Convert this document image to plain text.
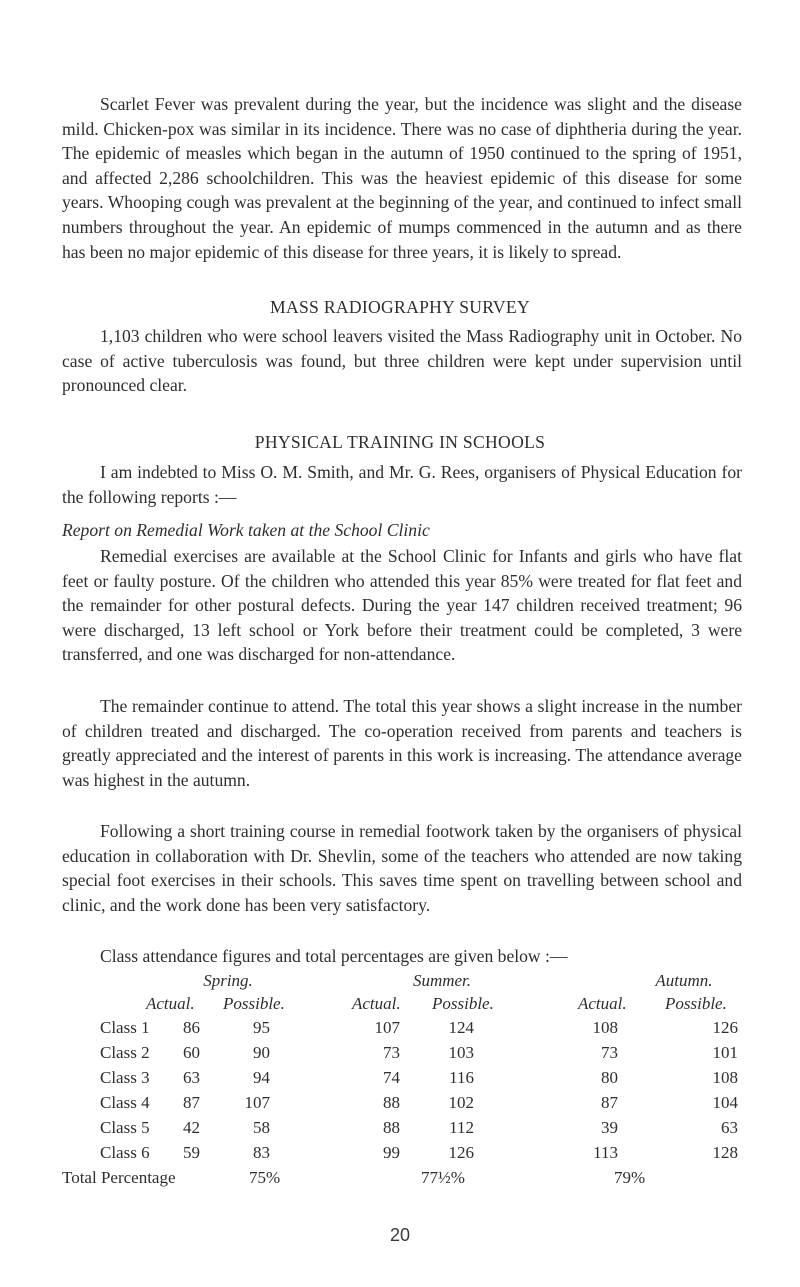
Scarlet Fever was prevalent during the year, but the incidence was slight and the disease mild. Chicken-pox was similar in its incidence. There was no case of diphtheria during the year. The epidemic of measles which began in the autumn of 1950 continued to the spring of 1951, and affected 2,286 schoolchildren. This was the heaviest epidemic of this disease for some years. Whooping cough was prevalent at the beginning of the year, and continued to infect small numbers throughout the year. An epidemic of mumps commenced in the autumn and as there has been no major epidemic of this disease for three years, it is likely to spread.

MASS RADIOGRAPHY SURVEY

1,103 children who were school leavers visited the Mass Radiography unit in October. No case of active tuberculosis was found, but three children were kept under supervision until pronounced clear.

PHYSICAL TRAINING IN SCHOOLS

I am indebted to Miss O. M. Smith, and Mr. G. Rees, organisers of Physical Education for the following reports :—

Report on Remedial Work taken at the School Clinic

Remedial exercises are available at the School Clinic for Infants and girls who have flat feet or faulty posture. Of the children who attended this year 85% were treated for flat feet and the remainder for other postural defects. During the year 147 children received treatment; 96 were discharged, 13 left school or York before their treatment could be completed, 3 were transferred, and one was discharged for non-attendance.

The remainder continue to attend. The total this year shows a slight increase in the number of children treated and discharged. The co-operation received from parents and teachers is greatly appreciated and the interest of parents in this work is increasing. The attendance average was highest in the autumn.

Following a short training course in remedial footwork taken by the organisers of physical education in collaboration with Dr. Shevlin, some of the teachers who attended are now taking special foot exercises in their schools. This saves time spent on travelling between school and clinic, and the work done has been very satisfactory.

Class attendance figures and total percentages are given below :—

Spring.	Summer.	Autumn.
Actual. Possible.	Actual. Possible.	Actual. Possible.
Class 1	86	95	107	124	108	126
Class 2	60	90	73	103	73	101
Class 3	63	94	74	116	80	108
Class 4	87	107	88	102	87	104
Class 5	42	58	88	112	39	63
Class 6	59	83	99	126	113	128
Total Percentage	75%	77½%	79%
20
